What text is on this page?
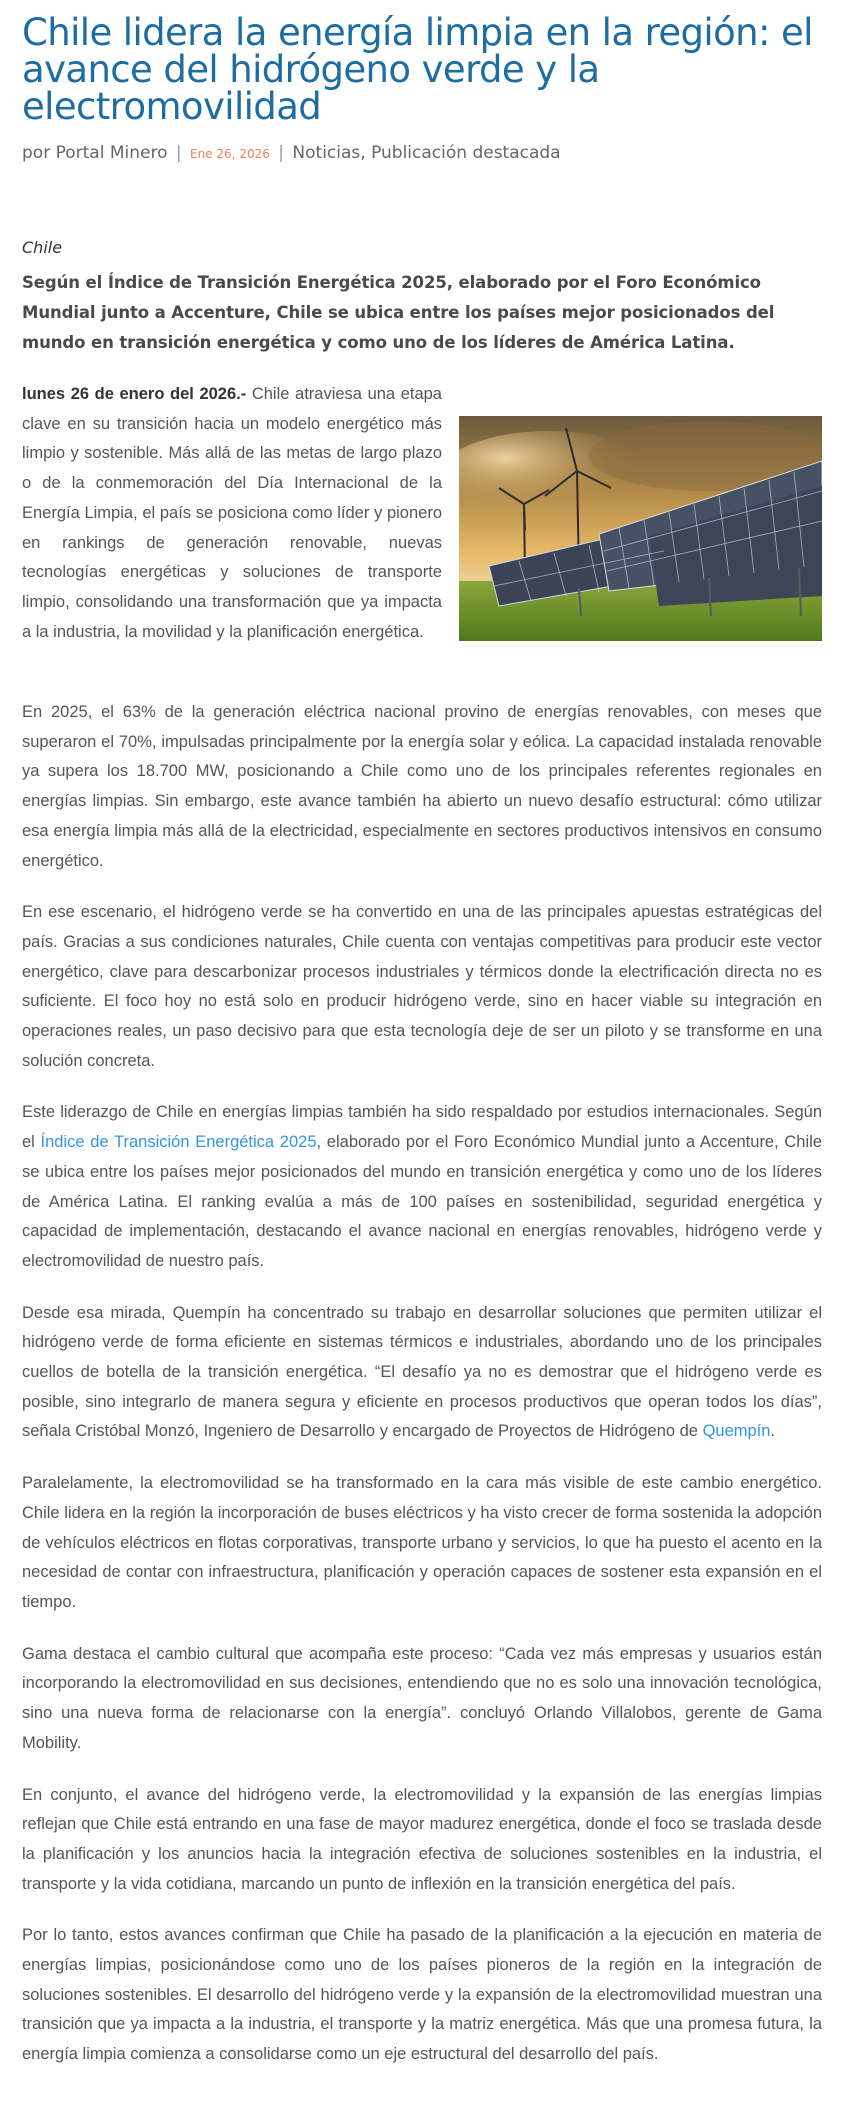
Chile lidera la energía limpia en la región: el avance del hidrógeno verde y la electromovilidad
por Portal Minero | Ene 26, 2026 | Noticias, Publicación destacada
Chile
Según el Índice de Transición Energética 2025, elaborado por el Foro Económico Mundial junto a Accenture, Chile se ubica entre los países mejor posicionados del mundo en transición energética y como uno de los líderes de América Latina.
lunes 26 de enero del 2026.- Chile atraviesa una etapa clave en su transición hacia un modelo energético más limpio y sostenible. Más allá de las metas de largo plazo o de la conmemoración del Día Internacional de la Energía Limpia, el país se posiciona como líder y pionero en rankings de generación renovable, nuevas tecnologías energéticas y soluciones de transporte limpio, consolidando una transformación que ya impacta a la industria, la movilidad y la planificación energética.

En 2025, el 63% de la generación eléctrica nacional provino de energías renovables, con meses que superaron el 70%, impulsadas principalmente por la energía solar y eólica. La capacidad instalada renovable ya supera los 18.700 MW, posicionando a Chile como uno de los principales referentes regionales en energías limpias. Sin embargo, este avance también ha abierto un nuevo desafío estructural: cómo utilizar esa energía limpia más allá de la electricidad, especialmente en sectores productivos intensivos en consumo energético.

En ese escenario, el hidrógeno verde se ha convertido en una de las principales apuestas estratégicas del país. Gracias a sus condiciones naturales, Chile cuenta con ventajas competitivas para producir este vector energético, clave para descarbonizar procesos industriales y térmicos donde la electrificación directa no es suficiente. El foco hoy no está solo en producir hidrógeno verde, sino en hacer viable su integración en operaciones reales, un paso decisivo para que esta tecnología deje de ser un piloto y se transforme en una solución concreta.

Este liderazgo de Chile en energías limpias también ha sido respaldado por estudios internacionales. Según el Índice de Transición Energética 2025, elaborado por el Foro Económico Mundial junto a Accenture, Chile se ubica entre los países mejor posicionados del mundo en transición energética y como uno de los líderes de América Latina. El ranking evalúa a más de 100 países en sostenibilidad, seguridad energética y capacidad de implementación, destacando el avance nacional en energías renovables, hidrógeno verde y electromovilidad de nuestro país.

Desde esa mirada, Quempín ha concentrado su trabajo en desarrollar soluciones que permiten utilizar el hidrógeno verde de forma eficiente en sistemas térmicos e industriales, abordando uno de los principales cuellos de botella de la transición energética. “El desafío ya no es demostrar que el hidrógeno verde es posible, sino integrarlo de manera segura y eficiente en procesos productivos que operan todos los días”, señala Cristóbal Monzó, Ingeniero de Desarrollo y encargado de Proyectos de Hidrógeno de Quempín.

Paralelamente, la electromovilidad se ha transformado en la cara más visible de este cambio energético. Chile lidera en la región la incorporación de buses eléctricos y ha visto crecer de forma sostenida la adopción de vehículos eléctricos en flotas corporativas, transporte urbano y servicios, lo que ha puesto el acento en la necesidad de contar con infraestructura, planificación y operación capaces de sostener esta expansión en el tiempo.

Gama destaca el cambio cultural que acompaña este proceso: “Cada vez más empresas y usuarios están incorporando la electromovilidad en sus decisiones, entendiendo que no es solo una innovación tecnológica, sino una nueva forma de relacionarse con la energía”. concluyó Orlando Villalobos, gerente de Gama Mobility.

En conjunto, el avance del hidrógeno verde, la electromovilidad y la expansión de las energías limpias reflejan que Chile está entrando en una fase de mayor madurez energética, donde el foco se traslada desde la planificación y los anuncios hacia la integración efectiva de soluciones sostenibles en la industria, el transporte y la vida cotidiana, marcando un punto de inflexión en la transición energética del país.

Por lo tanto, estos avances confirman que Chile ha pasado de la planificación a la ejecución en materia de energías limpias, posicionándose como uno de los países pioneros de la región en la integración de soluciones sostenibles. El desarrollo del hidrógeno verde y la expansión de la electromovilidad muestran una transición que ya impacta a la industria, el transporte y la matriz energética. Más que una promesa futura, la energía limpia comienza a consolidarse como un eje estructural del desarrollo del país.
